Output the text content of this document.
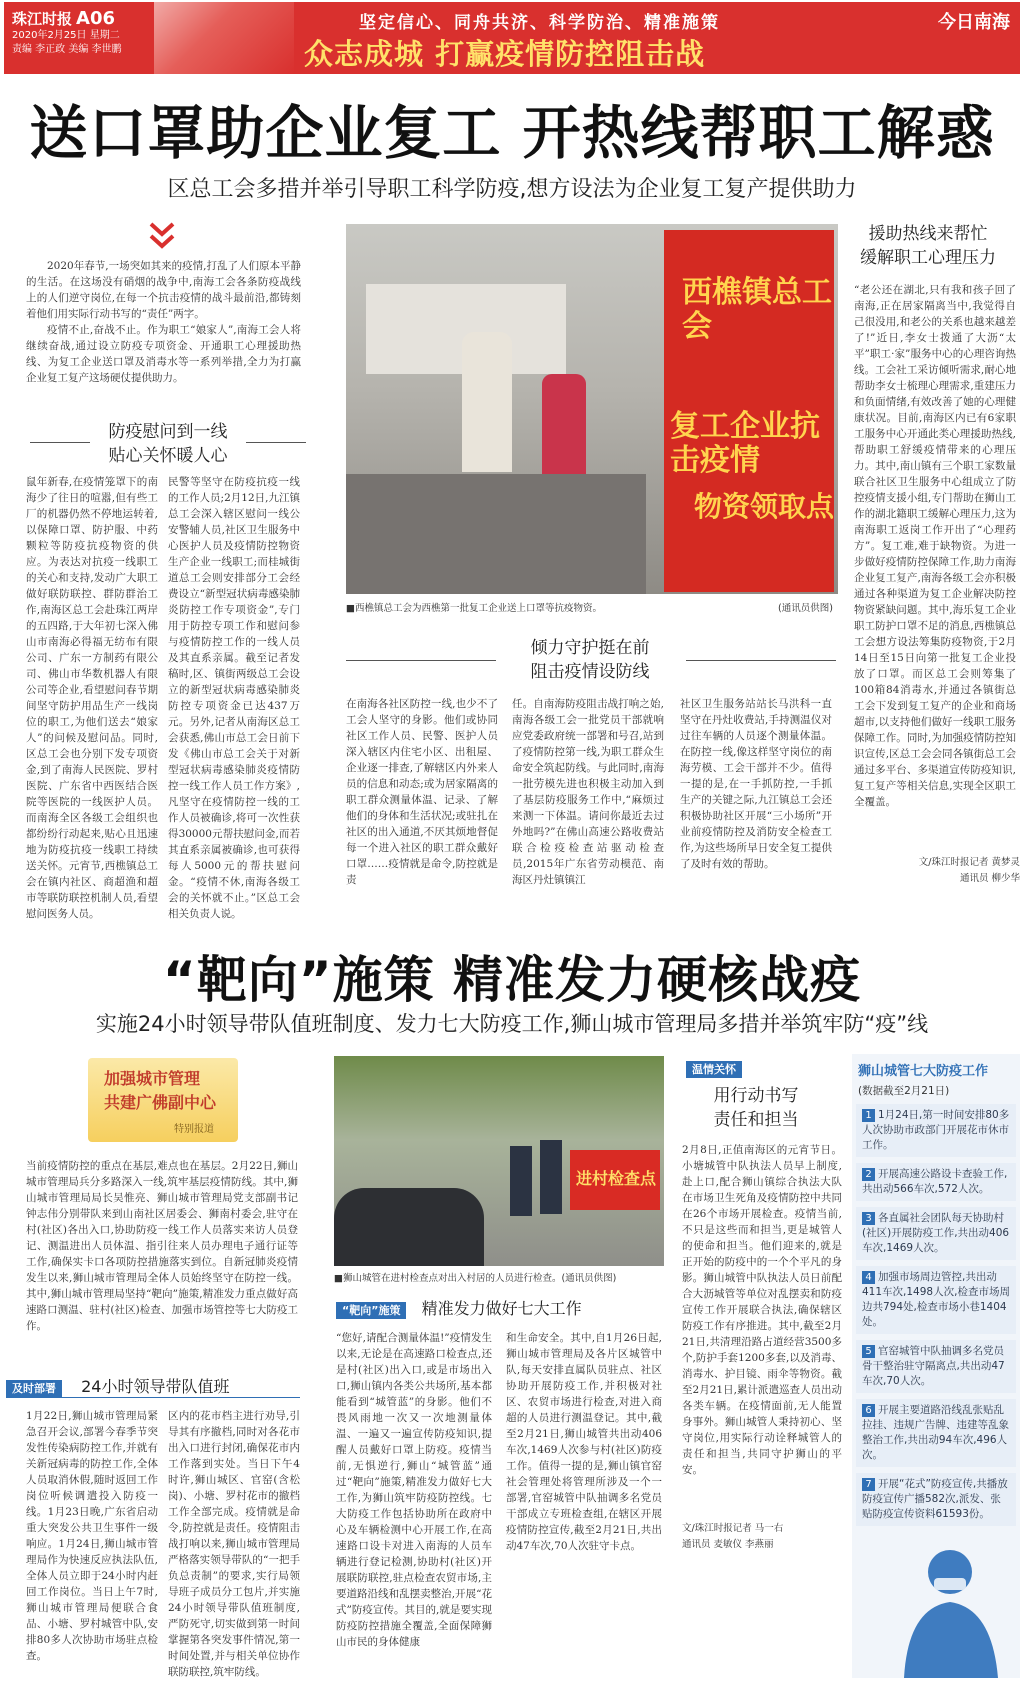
珠江时报 A06
2020年2月25日 星期二
责编 李正政 美编 李世鹏
坚定信心、同舟共济、科学防治、精准施策
众志成城 打赢疫情防控阻击战
今日南海
送口罩助企业复工 开热线帮职工解惑
区总工会多措并举引导职工科学防疫,想方设法为企业复工复产提供助力

2020年春节,一场突如其来的疫情,打乱了人们原本平静的生活。在这场没有硝烟的战争中,南海工会各条防疫战线上的人们逆守岗位,在每一个抗击疫情的战斗最前沿,都铸刻着他们用实际行动书写的“责任”两字。

疫情不止,奋战不止。作为职工“娘家人”,南海工会人将继续奋战,通过设立防疫专项资金、开通职工心理援助热线、为复工企业送口罩及消毒水等一系列举措,全力为打赢企业复工复产这场硬仗提供助力。

防疫慰问到一线
贴心关怀暖人心
鼠年新春,在疫情笼罩下的南海少了往日的喧嚣,但有些工厂的机器仍然不停地运转着,以保障口罩、防护服、中药颗粒等防疫抗疫物资的供应。为表达对抗疫一线职工的关心和支持,发动广大职工做好联防联控、群防群治工作,南海区总工会赴珠江两岸的五四路,于大年初七深入佛山市南海必得福无纺布有限公司、广东一方制药有限公司、佛山市华数机器人有限公司等企业,看望慰问春节期间坚守防护用品生产一线岗位的职工,为他们送去“娘家人”的问候及慰问品。同时,区总工会也分别下发专项资金,到了南海人民医院、罗村医院、广东省中西医结合医院等医院的一线医护人员。而南海全区各级工会组织也都纷纷行动起来,贴心且迅速地为防疫抗疫一线职工持续送关怀。元宵节,西樵镇总工会在镇内社区、商超渔和超市等联防联控机制人员,看望慰问医务人员。
民警等坚守在防疫抗疫一线的工作人员;2月12日,九江镇总工会深入辖区慰问一线公安警辅人员,社区卫生服务中心医护人员及疫情防控物资生产企业一线职工;而桂城街道总工会则安排部分工会经费设立“新型冠状病毒感染肺炎防控工作专项资金”,专门用于防控专项工作和慰问参与疫情防控工作的一线人员及其直系亲属。截至记者发稿时,区、镇街两级总工会设立的新型冠状病毒感染肺炎防控专项资金已达437万元。另外,记者从南海区总工会获悉,佛山市总工会日前下发《佛山市总工会关于对新型冠状病毒感染肺炎疫情防控一线工作人员工作方案》,凡坚守在疫情防控一线的工作人员被确诊,将可一次性获得30000元帮扶慰问金,而若其直系亲属被确诊,也可获得每人5000元的帮扶慰问金。“疫情不休,南海各级工会的关怀就不止。”区总工会相关负责人说。
西樵镇总工会
复工企业抗击疫情
物资领取点
■西樵镇总工会为西樵第一批复工企业送上口罩等抗疫物资。	(通讯员供图)
倾力守护挺在前
阻击疫情设防线
在南海各社区防控一线,也少不了工会人坚守的身影。他们或协同社区工作人员、民警、医护人员深入辖区内住宅小区、出租屋、企业逐一排查,了解辖区内外来人员的信息和动态;或为居家隔离的职工群众测量体温、记录、了解他们的身体和生活状况;或驻扎在社区的出入通道,不厌其烦地督促每一个进入社区的职工群众戴好口罩……疫情就是命令,防控就是责
任。自南海防疫阻击战打响之始,南海各级工会一批党员干部就响应党委政府统一部署和号召,站到了疫情防控第一线,为职工群众生命安全筑起防线。与此同时,南海一批劳模先进也积极主动加入到了基层防疫服务工作中,“麻烦过来测一下体温。请问你最近去过外地吗?”在佛山高速公路收费站联合检疫检查站驱动检查员,2015年广东省劳动模范、南海区丹灶镇镇江
社区卫生服务站站长马洪科一直坚守在丹灶收费站,手持测温仪对过往车辆的人员逐个测量体温。在防控一线,像这样坚守岗位的南海劳模、工会干部并不少。值得一提的是,在一手抓防控,一手抓生产的关键之际,九江镇总工会还积极协助社区开展“三小场所”开业前疫情防控及消防安全检查工作,为这些场所早日安全复工提供了及时有效的帮助。
援助热线来帮忙
缓解职工心理压力
“老公还在湖北,只有我和孩子回了南海,正在居家隔离当中,我觉得自己很没用,和老公的关系也越来越差了!”近日,李女士拨通了大沥“太平”职工·家”服务中心的心理咨询热线。工会社工采访倾听需求,耐心地帮助李女士梳理心理需求,重建压力和负面情绪,有效改善了她的心理健康状况。目前,南海区内已有6家职工服务中心开通此类心理援助热线,帮助职工舒缓疫情带来的心理压力。其中,南山镇有三个职工家数量联合社区卫生服务中心组成立了防控疫情支援小组,专门帮助在狮山工作的湖北籍职工缓解心理压力,这为南海职工返岗工作开出了“心理药方”。复工难,难于缺物资。为进一步做好疫情防控保障工作,助力南海企业复工复产,南海各级工会亦积极通过各种渠道为复工企业解决防控物资紧缺问题。其中,海乐复工企业职工防护口罩不足的消息,西樵镇总工会想方设法筹集防疫物资,于2月14日至15日向第一批复工企业投放了口罩。而区总工会则筹集了100箱84消毒水,并通过各镇街总工会下发到复工复产的企业和商场超市,以支持他们做好一线职工服务保障工作。同时,为加强疫情防控知识宣传,区总工会会同各镇街总工会通过多平台、多渠道宣传防疫知识,复工复产等相关信息,实现全区职工全覆盖。
文/珠江时报记者 黄梦灵
通讯员 柳少华
“靶向”施策 精准发力硬核战疫
实施24小时领导带队值班制度、发力七大防疫工作,狮山城市管理局多措并举筑牢防“疫”线
加强城市管理
共建广佛副中心
特别报道
当前疫情防控的重点在基层,难点也在基层。2月22日,狮山城市管理局兵分多路深入一线,筑牢基层疫情防线。其中,狮山城市管理局局长吴惟亮、狮山城市管理局党支部副书记钟志伟分别带队来到山南社区居委会、狮南村委会,驻守在村(社区)各出入口,协助防疫一线工作人员落实来访人员登记、测温进出人员体温、指引往来人员办理电子通行证等工作,确保实卡口各项防控措施落实到位。自新冠肺炎疫情发生以来,狮山城市管理局全体人员始终坚守在防控一线。其中,狮山城市管理局坚持“靶向”施策,精准发力重点做好高速路口测温、驻村(社区)检查、加强市场管控等七大防疫工作。
及时部署 24小时领导带队值班
1月22日,狮山城市管理局紧急召开会议,部署今春季节突发性传染病防控工作,并就有关新冠病毒的防控工作,全体人员取消休假,随时返回工作岗位听候调遣投入防疫一线。1月23日晚,广东省启动重大突发公共卫生事件一级响应。1月24日,狮山城市管理局作为快速反应执法队伍,全体人员立即于24小时内赶回工作岗位。当日上午7时,狮山城市管理局便联合食品、小塘、罗村城管中队,安排80多人次协助市场驻点检查。
区内的花市档主进行劝导,引导其有序撤档,同时对各花市出入口进行封闭,确保花市内工作落到实处。当日下午4时许,狮山城区、官窑(含松岗)、小塘、罗村花市的撤档工作全部完成。疫情就是命令,防控就是责任。疫情阻击战打响以来,狮山城市管理局严格落实领导带队的“一把手负总责制”的要求,实行局领导班子成员分工包片,并实施24小时领导带队值班制度,严防死守,切实做到第一时间掌握第各突发事件情况,第一时间处置,并与相关单位协作联防联控,筑牢防线。
进村检查点
■狮山城管在进村检查点对出入村居的人员进行检查。(通讯员供图)
“靶向”施策 精准发力做好七大工作
“您好,请配合测量体温!”疫情发生以来,无论是在高速路口检查点,还是村(社区)出入口,或是市场出入口,狮山镇内各类公共场所,基本都能看到“城管蓝”的身影。他们不畏风雨地一次又一次地测量体温、一遍又一遍宣传防疫知识,提醒人员戴好口罩上防疫。疫情当前,无惧逆行,狮山“城管蓝”通过“靶向”施策,精准发力做好七大工作,为狮山筑牢防疫防控线。七大防疫工作包括协助所在政府中心及车辆检测中心开展工作,在高速路口设卡对进入南海的人员车辆进行登记检测,协助村(社区)开展联防联控,驻点检查农贸市场,主要道路沿线和乱摆卖整治,开展“花式”防疫宣传。其目的,就是要实现防疫防控措施全覆盖,全面保障狮山市民的身体健康
和生命安全。其中,自1月26日起,狮山城市管理局及各片区城管中队,每天安排直属队员驻点、社区协助开展防疫工作,并积极对社区、农贸市场进行检查,对进入商超的人员进行测温登记。其中,截至2月21日,狮山城管共出动406车次,1469人次参与村(社区)防疫工作。值得一提的是,狮山镇官窑社会管理处将管理所涉及一个一部署,官窑城管中队抽调多名党员干部成立专班检查组,在辖区开展疫情防控宣传,截至2月21日,共出动47车次,70人次驻守卡点。
温情关怀
用行动书写
责任和担当
2月8日,正值南海区的元宵节日。小塘城管中队执法人员早上制度,赴上口,配合狮山镇综合执法大队在市场卫生死角及疫情防控中共同在26个市场开展检查。疫情当前,不只是这些而和担当,更是城管人的使命和担当。他们迎来的,就是正开始的防疫中的一个个平凡的身影。狮山城管中队执法人员日前配合大沥城管等单位对乱摆卖和防疫宣传工作开展联合执法,确保辖区防疫工作有序推进。其中,截至2月21日,共清理沿路占道经营3500多个,防护手套1200多套,以及消毒、消毒水、护目镜、雨伞等物资。截至2月21日,累计派遣巡查人员出动各类车辆。在疫情面前,无人能置身事外。狮山城管人秉持初心、坚守岗位,用实际行动诠释城管人的责任和担当,共同守护狮山的平安。
文/珠江时报记者 马一右
通讯员 麦敏仪 李燕丽
狮山城管七大防疫工作
(数据截至2月21日)
1 1月24日,第一时间安排80多人次协助市政部门开展花市休市工作。
2 开展高速公路设卡查验工作,共出动566车次,572人次。
3 各直属社会团队每天协助村(社区)开展防疫工作,共出动406车次,1469人次。
4 加强市场周边管控,共出动411车次,1498人次,检查市场周边共794处,检查市场小巷1404处。
5 官窑城管中队抽调多名党员骨干整治驻守隔离点,共出动47车次,70人次。
6 开展主要道路沿线乱张贴乱拉挂、违规广告牌、违建等乱象整治工作,共出动94车次,496人次。
7 开展“花式”防疫宣传,共播放防疫宣传广播582次,派发、张贴防疫宣传资料61593份。
